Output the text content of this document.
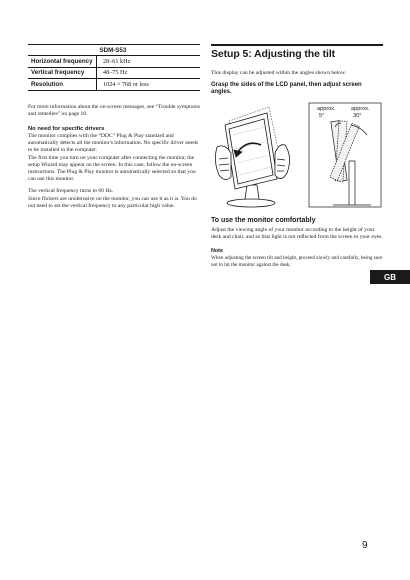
	SDM-S53
Horizontal frequency	28–61 kHz
Vertical frequency	48–75 Hz
Resolution	1024 × 768 or less

For more information about the on-screen messages, see “Trouble symptoms and remedies” on page 18.

No need for specific drivers

The monitor complies with the “DDC” Plug & Play standard and automatically detects all the monitor's information. No specific driver needs to be installed to the computer.

The first time you turn on your computer after connecting the monitor, the setup Wizard may appear on the screen. In this case, follow the on-screen instructions. The Plug & Play monitor is automatically selected so that you can use this monitor.

The vertical frequency turns to 60 Hz.
Since flickers are unobtrusive on the monitor, you can use it as it is. You do not need to set the vertical frequency to any particular high value.

Setup 5: Adjusting the tilt

This display can be adjusted within the angles shown below.

Grasp the sides of the LCD panel, then adjust screen angles.
approx.
5°
approx.
30°
To use the monitor comfortably

Adjust the viewing angle of your monitor according to the height of your desk and chair, and so that light is not reflected from the screen to your eyes.

Note

When adjusting the screen tilt and height, proceed slowly and carefully, being sure not to hit the monitor against the desk.

GB
9
